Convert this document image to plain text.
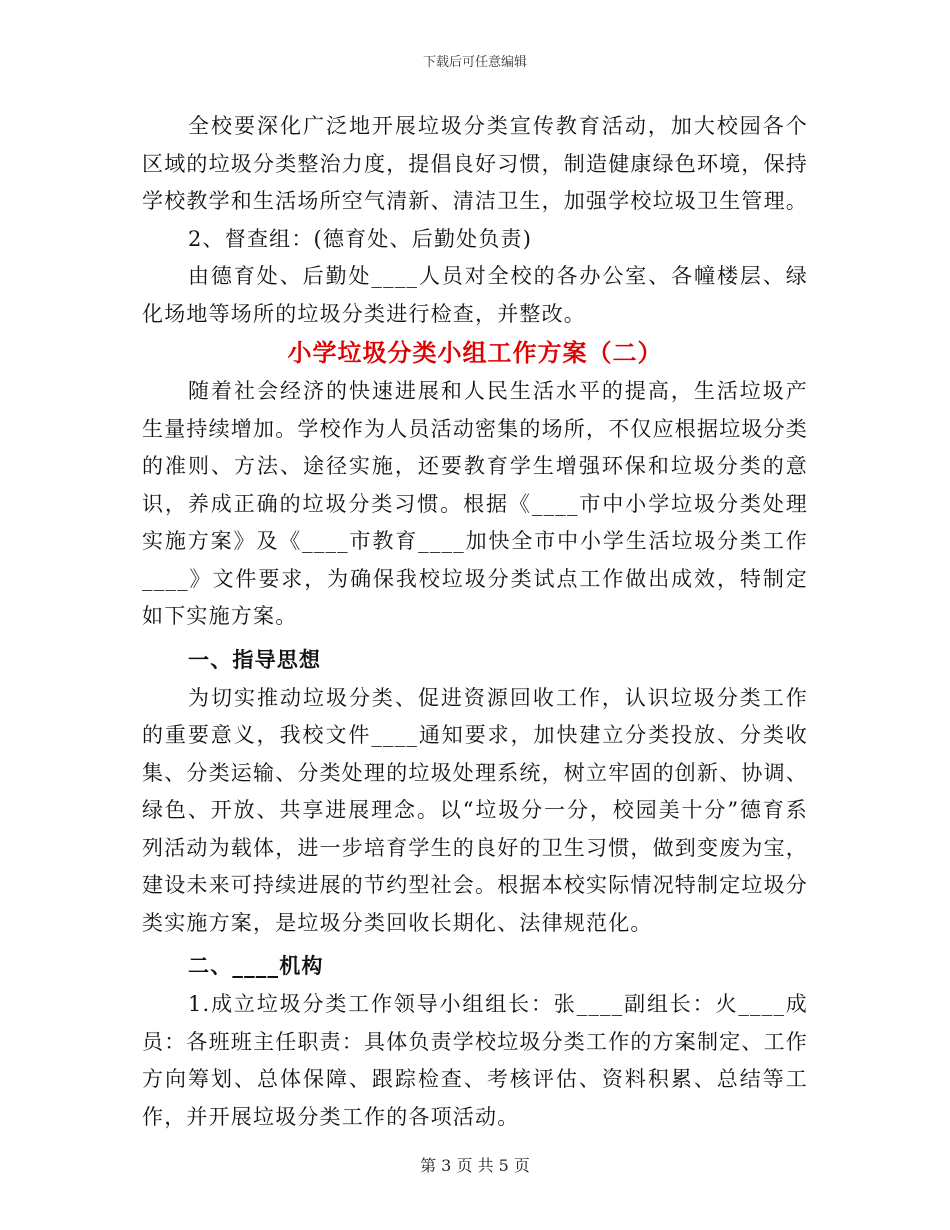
下载后可任意编辑

全校要深化广泛地开展垃圾分类宣传教育活动，加大校园各个区域的垃圾分类整治力度，提倡良好习惯，制造健康绿色环境，保持学校教学和生活场所空气清新、清洁卫生，加强学校垃圾卫生管理。

2、督查组：(德育处、后勤处负责)

由德育处、后勤处____人员对全校的各办公室、各幢楼层、绿化场地等场所的垃圾分类进行检查，并整改。

小学垃圾分类小组工作方案（二）

随着社会经济的快速进展和人民生活水平的提高，生活垃圾产生量持续增加。学校作为人员活动密集的场所，不仅应根据垃圾分类的准则、方法、途径实施，还要教育学生增强环保和垃圾分类的意识，养成正确的垃圾分类习惯。根据《____市中小学垃圾分类处理实施方案》及《____市教育____加快全市中小学生活垃圾分类工作____》文件要求，为确保我校垃圾分类试点工作做出成效，特制定如下实施方案。

一、指导思想

为切实推动垃圾分类、促进资源回收工作，认识垃圾分类工作的重要意义，我校文件____通知要求，加快建立分类投放、分类收集、分类运输、分类处理的垃圾处理系统，树立牢固的创新、协调、绿色、开放、共享进展理念。以“垃圾分一分，校园美十分”德育系列活动为载体，进一步培育学生的良好的卫生习惯，做到变废为宝，建设未来可持续进展的节约型社会。根据本校实际情况特制定垃圾分类实施方案，是垃圾分类回收长期化、法律规范化。

二、____机构

1.成立垃圾分类工作领导小组组长：张____副组长：火____成员：各班班主任职责：具体负责学校垃圾分类工作的方案制定、工作方向筹划、总体保障、跟踪检查、考核评估、资料积累、总结等工作，并开展垃圾分类工作的各项活动。

第 3 页 共 5 页
